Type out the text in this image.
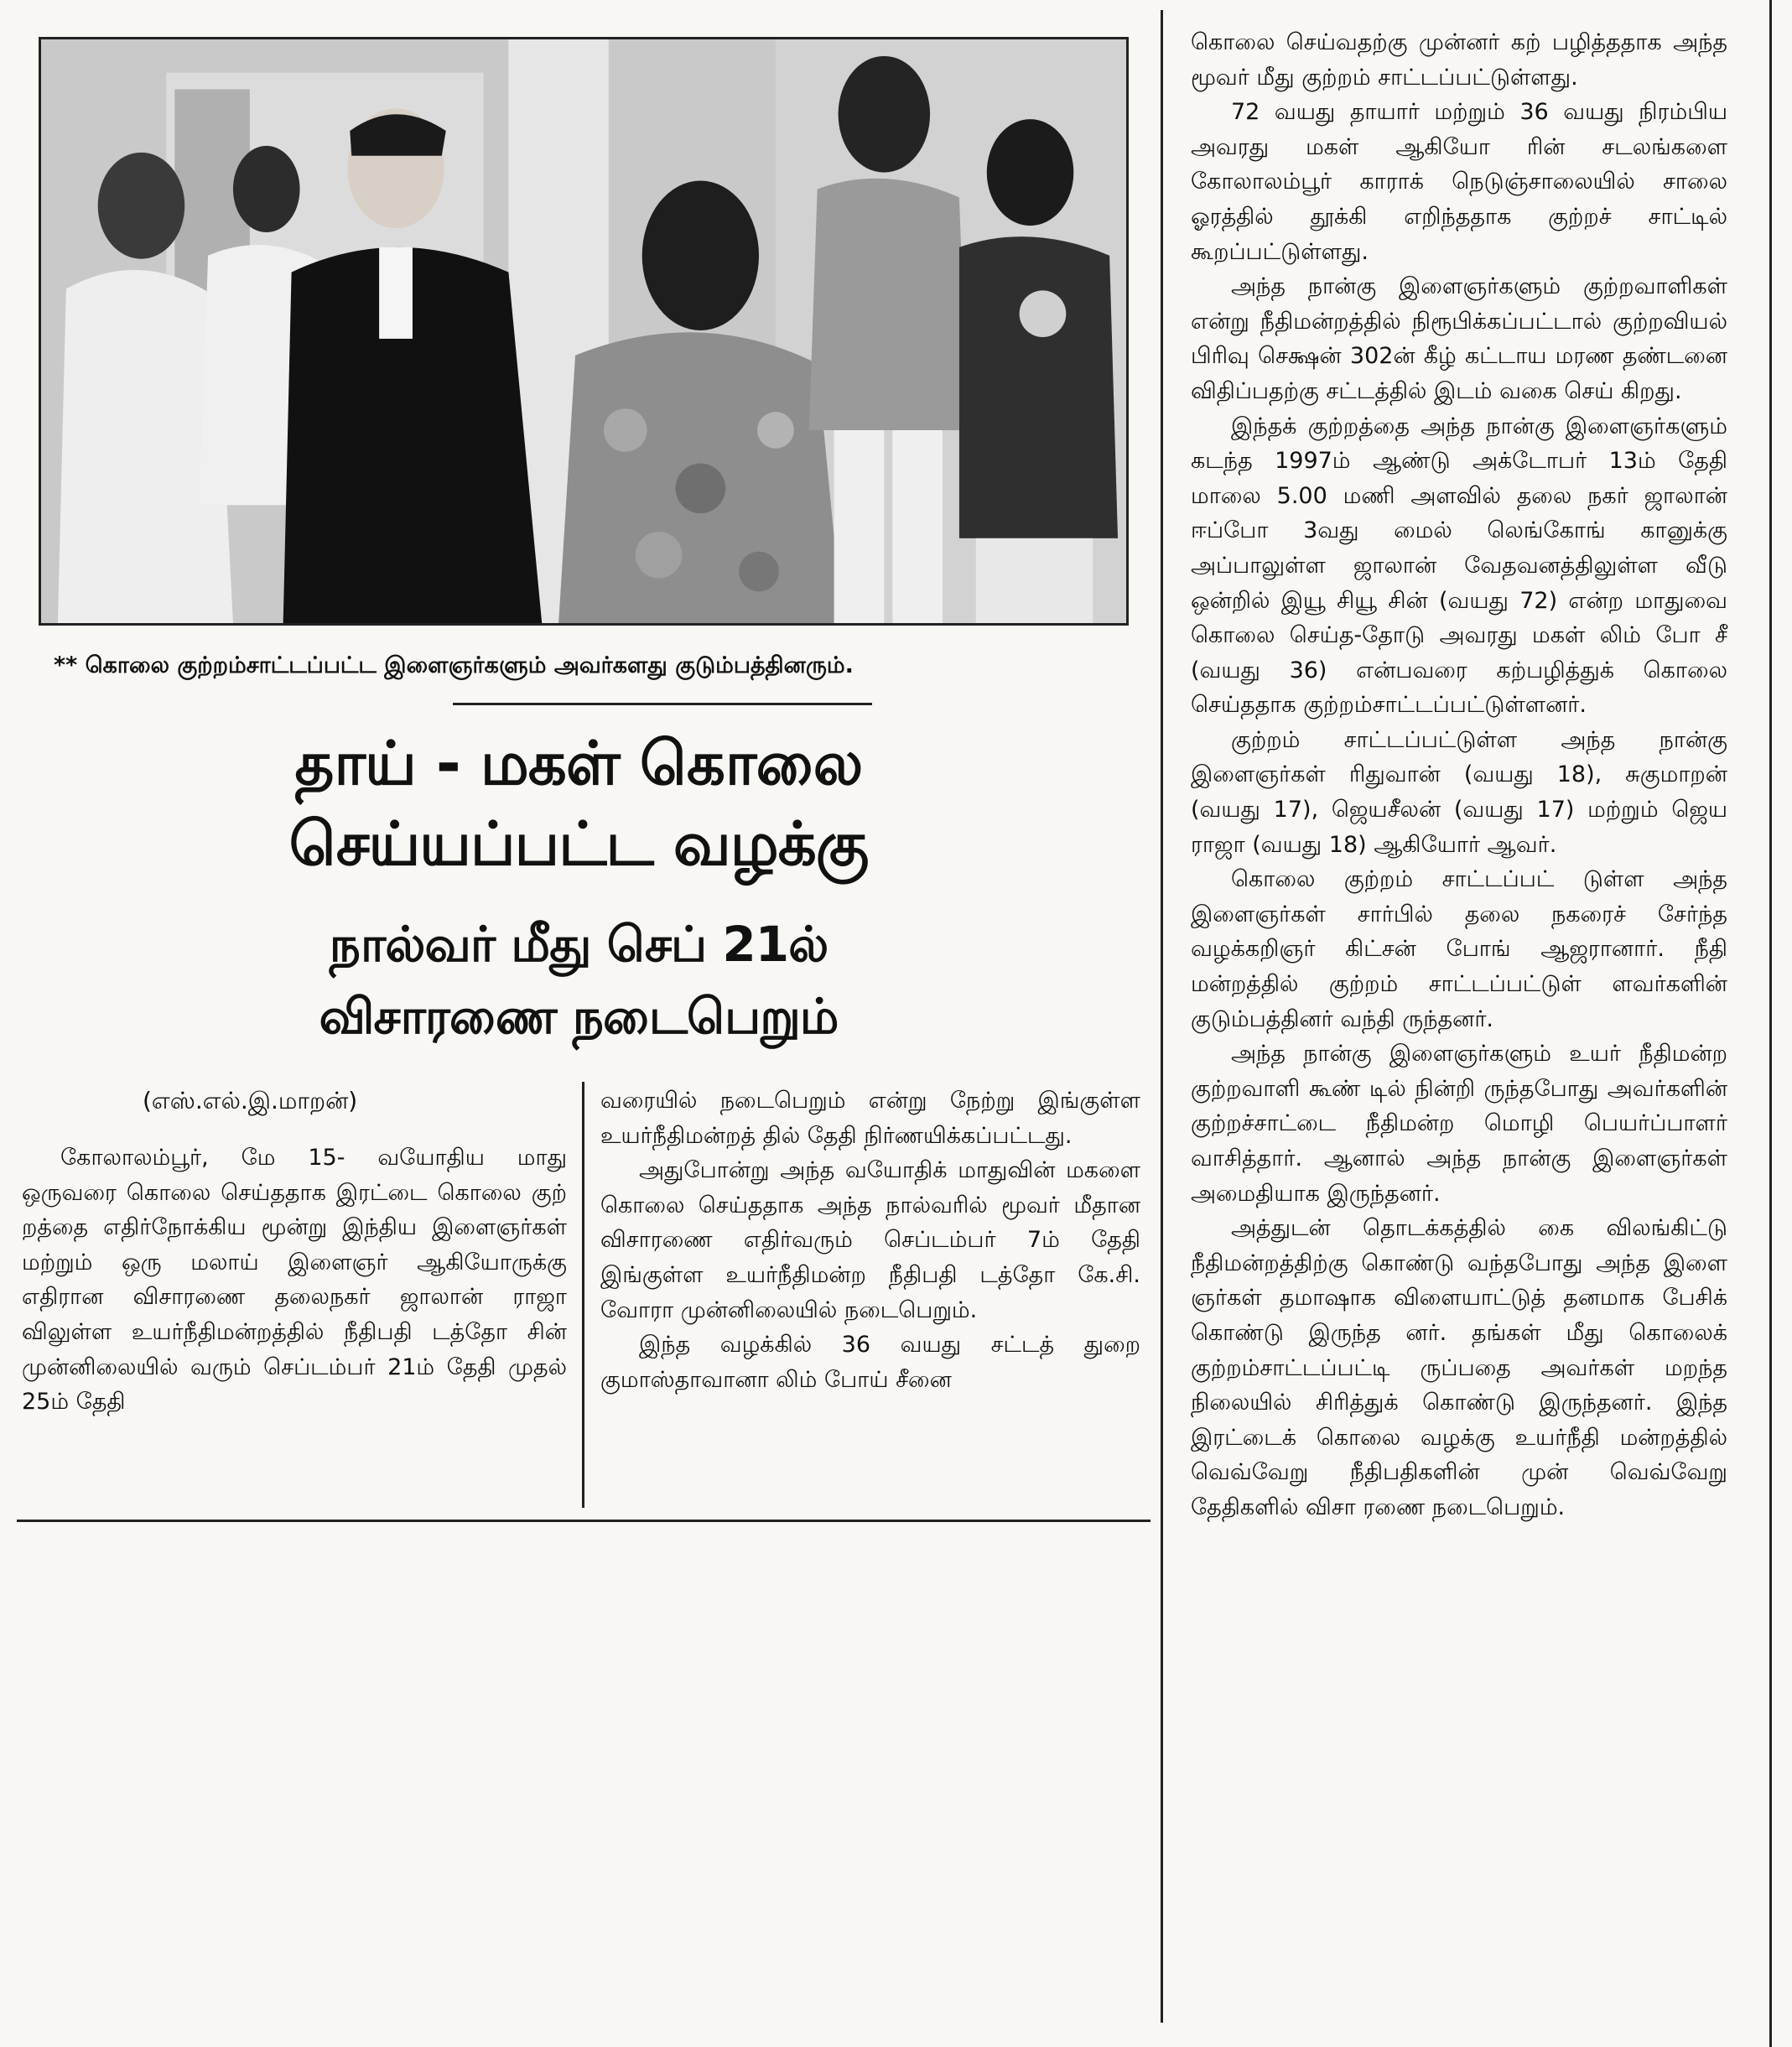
** கொலை குற்றம்சாட்டப்பட்ட இளைஞர்களும் அவர்களது குடும்பத்தினரும்.
தாய் - மகள் கொலை
செய்யப்பட்ட வழக்கு
நால்வர் மீது செப் 21ல்
விசாரணை நடைபெறும்
(எஸ்.எல்.இ.மாறன்)

கோலாலம்பூர், மே 15- வயோதிய மாது ஒருவரை கொலை செய்ததாக இரட்டை கொலை குற் றத்தை எதிர்நோக்கிய மூன்று இந்திய இளைஞர்கள் மற்றும் ஒரு மலாய் இளைஞர் ஆகியோருக்கு எதிரான விசாரணை தலைநகர் ஜாலான் ராஜா விலுள்ள உயர்நீதிமன்றத்தில் நீதிபதி டத்தோ சின் முன்னிலையில் வரும் செப்டம்பர் 21ம் தேதி முதல் 25ம் தேதி

வரையில் நடைபெறும் என்று நேற்று இங்குள்ள உயர்நீதிமன்றத் தில் தேதி நிர்ணயிக்கப்பட்டது.

அதுபோன்று அந்த வயோதிக் மாதுவின் மகளை கொலை செய்ததாக அந்த நால்வரில் மூவர் மீதான விசாரணை எதிர்வரும் செப்டம்பர் 7ம் தேதி இங்குள்ள உயர்நீதிமன்ற நீதிபதி டத்தோ கே.சி. வோரா முன்னிலையில் நடைபெறும்.

இந்த வழக்கில் 36 வயது சட்டத் துறை குமாஸ்தாவானா லிம் போய் சீனை

கொலை செய்வதற்கு முன்னர் கற் பழித்ததாக அந்த மூவர் மீது குற்றம் சாட்டப்பட்டுள்ளது.

72 வயது தாயார் மற்றும் 36 வயது நிரம்பிய அவரது மகள் ஆகியோ ரின் சடலங்களை கோலாலம்பூர் காராக் நெடுஞ்சாலையில் சாலை ஓரத்தில் தூக்கி எறிந்ததாக குற்றச் சாட்டில் கூறப்பட்டுள்ளது.

அந்த நான்கு இளைஞர்களும் குற்றவாளிகள் என்று நீதிமன்றத்தில் நிரூபிக்கப்பட்டால் குற்றவியல் பிரிவு செக்ஷன் 302ன் கீழ் கட்டாய மரண தண்டனை விதிப்பதற்கு சட்டத்தில் இடம் வகை செய் கிறது.

இந்தக் குற்றத்தை அந்த நான்கு இளைஞர்களும் கடந்த 1997ம் ஆண்டு அக்டோபர் 13ம் தேதி மாலை 5.00 மணி அளவில் தலை நகர் ஜாலான் ஈப்போ 3வது மைல் லெங்கோங் கானுக்கு அப்பாலுள்ள ஜாலான் வேதவனத்திலுள்ள வீடு ஒன்றில் இயூ சியூ சின் (வயது 72) என்ற மாதுவை கொலை செய்த-தோடு அவரது மகள் லிம் போ சீ (வயது 36) என்பவரை கற்பழித்துக் கொலை செய்ததாக குற்றம்சாட்டப்பட்டுள்ளனர்.

குற்றம் சாட்டப்பட்டுள்ள அந்த நான்கு இளைஞர்கள் ரிதுவான் (வயது 18), சுகுமாறன் (வயது 17), ஜெயசீலன் (வயது 17) மற்றும் ஜெய ராஜா (வயது 18) ஆகியோர் ஆவர்.

கொலை குற்றம் சாட்டப்பட் டுள்ள அந்த இளைஞர்கள் சார்பில் தலை நகரைச் சேர்ந்த வழக்கறிஞர் கிட்சன் போங் ஆஜரானார். நீதி மன்றத்தில் குற்றம் சாட்டப்பட்டுள் ளவர்களின் குடும்பத்தினர் வந்தி ருந்தனர்.

அந்த நான்கு இளைஞர்களும் உயர் நீதிமன்ற குற்றவாளி கூண் டில் நின்றி ருந்தபோது அவர்களின் குற்றச்சாட்டை நீதிமன்ற மொழி பெயர்ப்பாளர் வாசித்தார். ஆனால் அந்த நான்கு இளைஞர்கள் அமைதியாக இருந்தனர்.

அத்துடன் தொடக்கத்தில் கை விலங்கிட்டு நீதிமன்றத்திற்கு கொண்டு வந்தபோது அந்த இளை ஞர்கள் தமாஷாக விளையாட்டுத் தனமாக பேசிக் கொண்டு இருந்த னர். தங்கள் மீது கொலைக் குற்றம்சாட்டப்பட்டி ருப்பதை அவர்கள் மறந்த நிலையில் சிரித்துக் கொண்டு இருந்தனர். இந்த இரட்டைக் கொலை வழக்கு உயர்நீதி மன்றத்தில் வெவ்வேறு நீதிபதிகளின் முன் வெவ்வேறு தேதிகளில் விசா ரணை நடைபெறும்.
